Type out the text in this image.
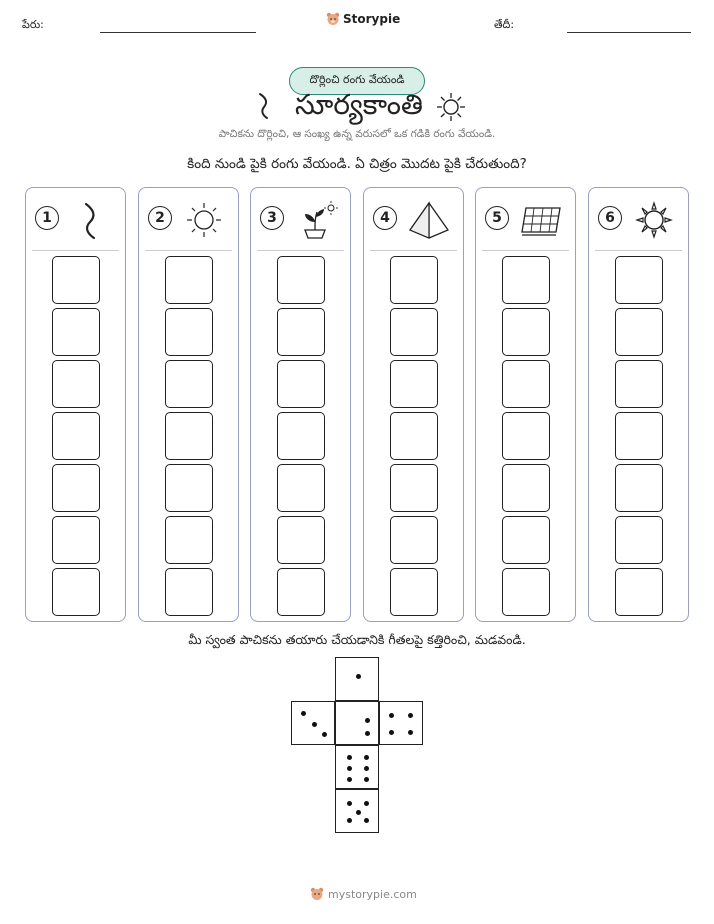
పేరు:	Storypie	తేదీ:
దొర్లించి రంగు వేయండి
సూర్యకాంతి
పాచికను దొర్లించి, ఆ సంఖ్య ఉన్న వరుసలో ఒక గడికి రంగు వేయండి.
కింది నుండి పైకి రంగు వేయండి. ఏ చిత్రం మొదట పైకి చేరుతుంది?
1	2	3	4	5	6
మీ స్వంత పాచికను తయారు చేయడానికి గీతలపై కత్తిరించి, మడవండి.
mystorypie.com
